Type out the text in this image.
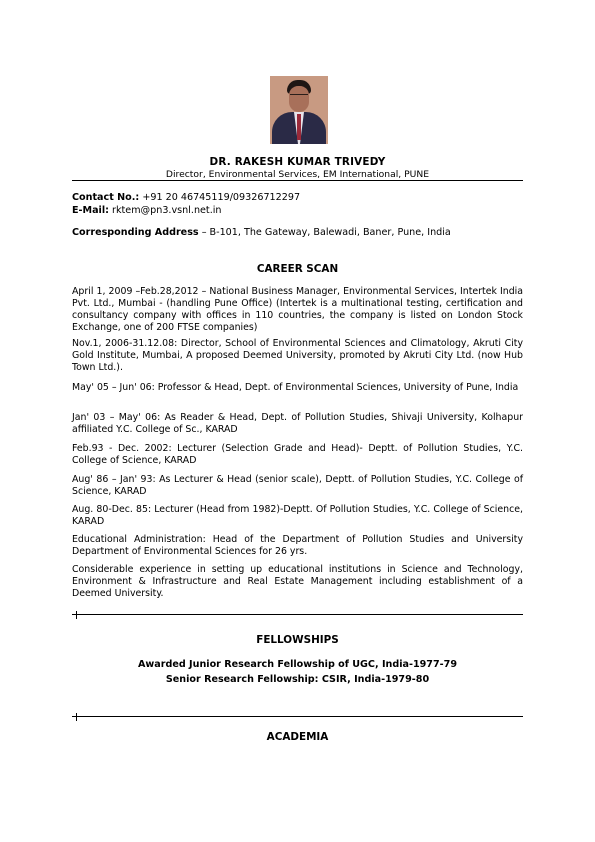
DR. RAKESH KUMAR TRIVEDY
Director, Environmental Services, EM International, PUNE
Contact No.: +91 20 46745119/09326712297
E-Mail: rktem@pn3.vsnl.net.in
Corresponding Address – B-101, The Gateway, Balewadi, Baner, Pune, India
CAREER SCAN
April 1, 2009 –Feb.28,2012 – National Business Manager, Environmental Services, Intertek India Pvt. Ltd., Mumbai - (handling Pune Office) (Intertek is a multinational testing, certification and consultancy company with offices in 110 countries, the company is listed on London Stock Exchange, one of 200 FTSE companies)
Nov.1, 2006-31.12.08: Director, School of Environmental Sciences and Climatology, Akruti City Gold Institute, Mumbai, A proposed Deemed University, promoted by Akruti City Ltd. (now Hub Town Ltd.).
May' 05 – Jun' 06: Professor & Head, Dept. of Environmental Sciences, University of Pune, India
Jan' 03 – May' 06: As Reader & Head, Dept. of Pollution Studies, Shivaji University, Kolhapur affiliated Y.C. College of Sc., KARAD
Feb.93 - Dec. 2002: Lecturer (Selection Grade and Head)- Deptt. of Pollution Studies, Y.C. College of Science, KARAD
Aug' 86 – Jan' 93: As Lecturer & Head (senior scale), Deptt. of Pollution Studies, Y.C. College of Science, KARAD
Aug. 80-Dec. 85: Lecturer (Head from 1982)-Deptt. Of Pollution Studies, Y.C. College of Science, KARAD
Educational Administration: Head of the Department of Pollution Studies and University Department of Environmental Sciences for 26 yrs.
Considerable experience in setting up educational institutions in Science and Technology, Environment & Infrastructure and Real Estate Management including establishment of a Deemed University.
FELLOWSHIPS
Awarded Junior Research Fellowship of UGC, India-1977-79
Senior Research Fellowship: CSIR, India-1979-80
ACADEMIA
